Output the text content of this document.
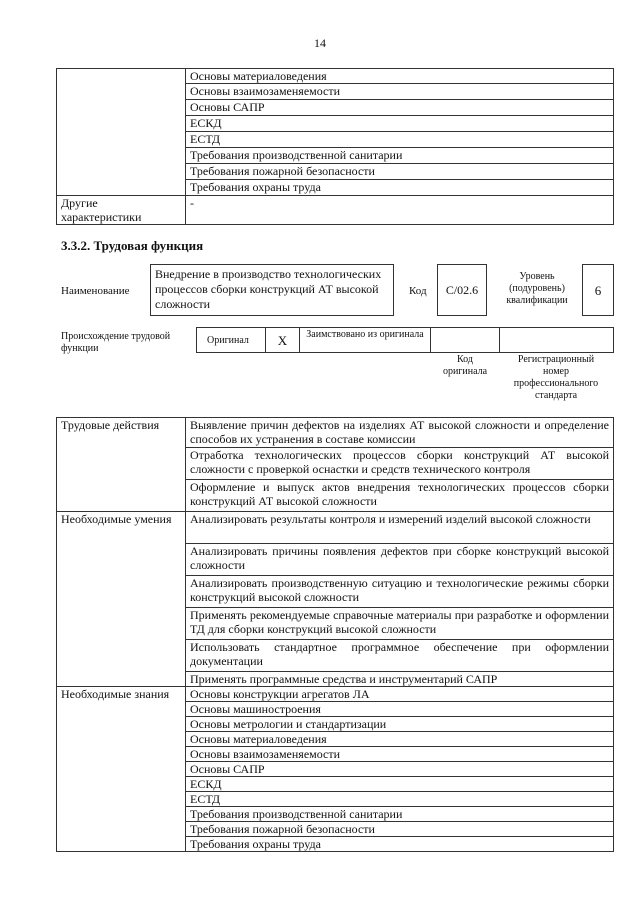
14
	Основы материаловедения
	Основы взаимозаменяемости
	Основы САПР
	ЕСКД
	ЕСТД
	Требования производственной санитарии
	Требования пожарной безопасности
	Требования охраны труда
Другие характеристики	-
3.3.2. Трудовая функция
Наименование
Внедрение в производство технологических процессов сборки конструкций АТ высокой сложности
Код	C/02.6
Уровень (подуровень) квалификации
6
Происхождение трудовой функции
Оригинал	X	Заимствовано из оригинала
Код оригинала
Регистрационный номер профессионального стандарта
Трудовые действия	Выявление причин дефектов на изделиях АТ высокой сложности и определение способов их устранения в составе комиссии
	Отработка технологических процессов сборки конструкций АТ высокой сложности с проверкой оснастки и средств технического контроля
	Оформление и выпуск актов внедрения технологических процессов сборки конструкций АТ высокой сложности
Необходимые умения	Анализировать результаты контроля и измерений изделий высокой сложности
	Анализировать причины появления дефектов при сборке конструкций высокой сложности
	Анализировать производственную ситуацию и технологические режимы сборки конструкций высокой сложности
	Применять рекомендуемые справочные материалы при разработке и оформлении ТД для сборки конструкций высокой сложности
	Использовать стандартное программное обеспечение при оформлении документации
	Применять программные средства и инструментарий САПР
Необходимые знания	Основы конструкции агрегатов ЛА
	Основы машиностроения
	Основы метрологии и стандартизации
	Основы материаловедения
	Основы взаимозаменяемости
	Основы САПР
	ЕСКД
	ЕСТД
	Требования производственной санитарии
	Требования пожарной безопасности
	Требования охраны труда
